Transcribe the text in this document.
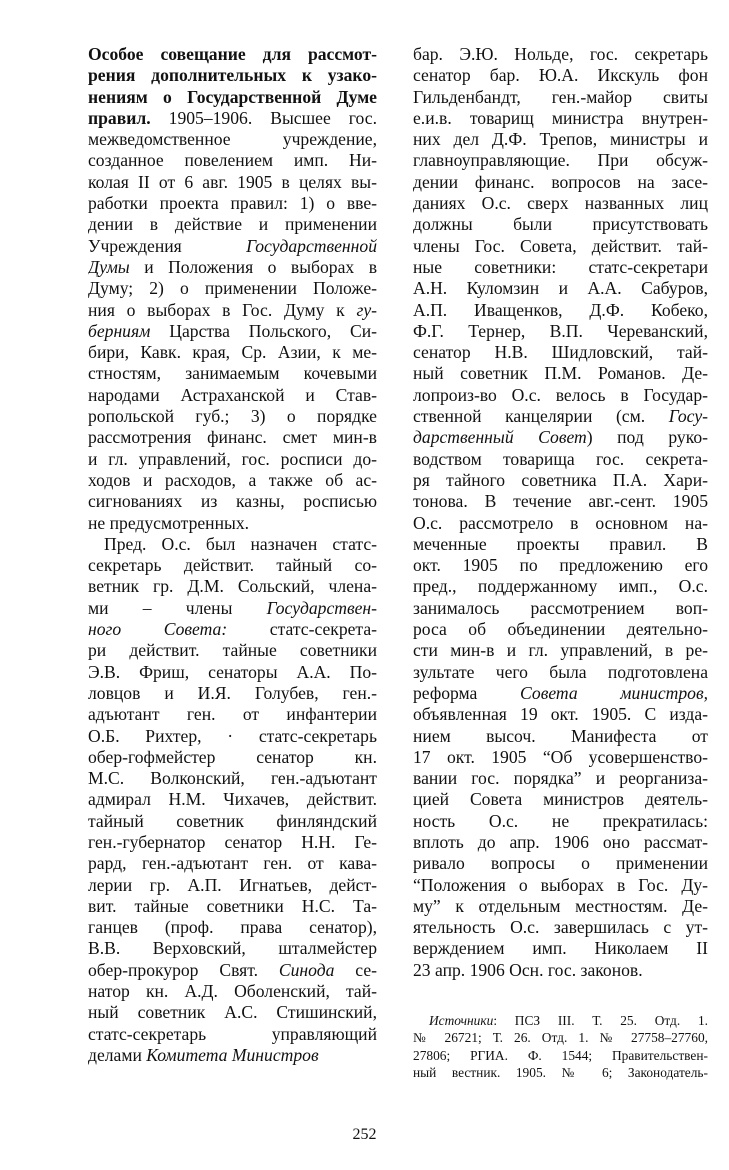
Особое совещание для рассмот-
рения дополнительных к узако-
нениям о Государственной Думе
правил. 1905–1906. Высшее гос.
межведомственное учреждение,
созданное повелением имп. Ни-
колая II от 6 авг. 1905 в целях вы-
работки проекта правил: 1) о вве-
дении в действие и применении
Учреждения Государственной
Думы и Положения о выборах в
Думу; 2) о применении Положе-
ния о выборах в Гос. Думу к гу-
берниям Царства Польского, Си-
бири, Кавк. края, Ср. Азии, к ме-
стностям, занимаемым кочевыми
народами Астраханской и Став-
ропольской губ.; 3) о порядке
рассмотрения финанс. смет мин-в
и гл. управлений, гос. росписи до-
ходов и расходов, а также об ас-
сигнованиях из казны, росписью
не предусмотренных.
Пред. О.с. был назначен статс-
секретарь действит. тайный со-
ветник гр. Д.М. Сольский, члена-
ми – члены Государствен-
ного Совета: статс-секрета-
ри действит. тайные советники
Э.В. Фриш, сенаторы А.А. По-
ловцов и И.Я. Голубев, ген.-
адъютант ген. от инфантерии
О.Б. Рихтер, · статс-секретарь
обер-гофмейстер сенатор кн.
М.С. Волконский, ген.-адъютант
адмирал Н.М. Чихачев, действит.
тайный советник финляндский
ген.-губернатор сенатор Н.Н. Ге-
рард, ген.-адъютант ген. от кава-
лерии гр. А.П. Игнатьев, дейст-
вит. тайные советники Н.С. Та-
ганцев (проф. права сенатор),
В.В. Верховский, шталмейстер
обер-прокурор Свят. Синода се-
натор кн. А.Д. Оболенский, тай-
ный советник А.С. Стишинский,
статс-секретарь управляющий
делами Комитета Министров
бар. Э.Ю. Нольде, гос. секретарь
сенатор бар. Ю.А. Икскуль фон
Гильденбандт, ген.-майор свиты
е.и.в. товарищ министра внутрен-
них дел Д.Ф. Трепов, министры и
главноуправляющие. При обсуж-
дении финанс. вопросов на засе-
даниях О.с. сверх названных лиц
должны были присутствовать
члены Гос. Совета, действит. тай-
ные советники: статс-секретари
А.Н. Куломзин и А.А. Сабуров,
А.П. Иващенков, Д.Ф. Кобеко,
Ф.Г. Тернер, В.П. Череванский,
сенатор Н.В. Шидловский, тай-
ный советник П.М. Романов. Де-
лопроиз-во О.с. велось в Государ-
ственной канцелярии (см. Госу-
дарственный Совет) под руко-
водством товарища гос. секрета-
ря тайного советника П.А. Хари-
тонова. В течение авг.-сент. 1905
О.с. рассмотрело в основном на-
меченные проекты правил. В
окт. 1905 по предложению его
пред., поддержанному имп., О.с.
занималось рассмотрением воп-
роса об объединении деятельно-
сти мин-в и гл. управлений, в ре-
зультате чего была подготовлена
реформа Совета министров,
объявленная 19 окт. 1905. С изда-
нием высоч. Манифеста от
17 окт. 1905 “Об усовершенство-
вании гос. порядка” и реорганиза-
цией Совета министров деятель-
ность О.с. не прекратилась:
вплоть до апр. 1906 оно рассмат-
ривало вопросы о применении
“Положения о выборах в Гос. Ду-
му” к отдельным местностям. Де-
ятельность О.с. завершилась с ут-
верждением имп. Николаем II
23 апр. 1906 Осн. гос. законов.
Источники: ПСЗ III. Т. 25. Отд. 1.
№ 26721; Т. 26. Отд. 1. № 27758–27760,
27806; РГИА. Ф. 1544; Правительствен-
ный вестник. 1905. № 6; Законодатель-
252
